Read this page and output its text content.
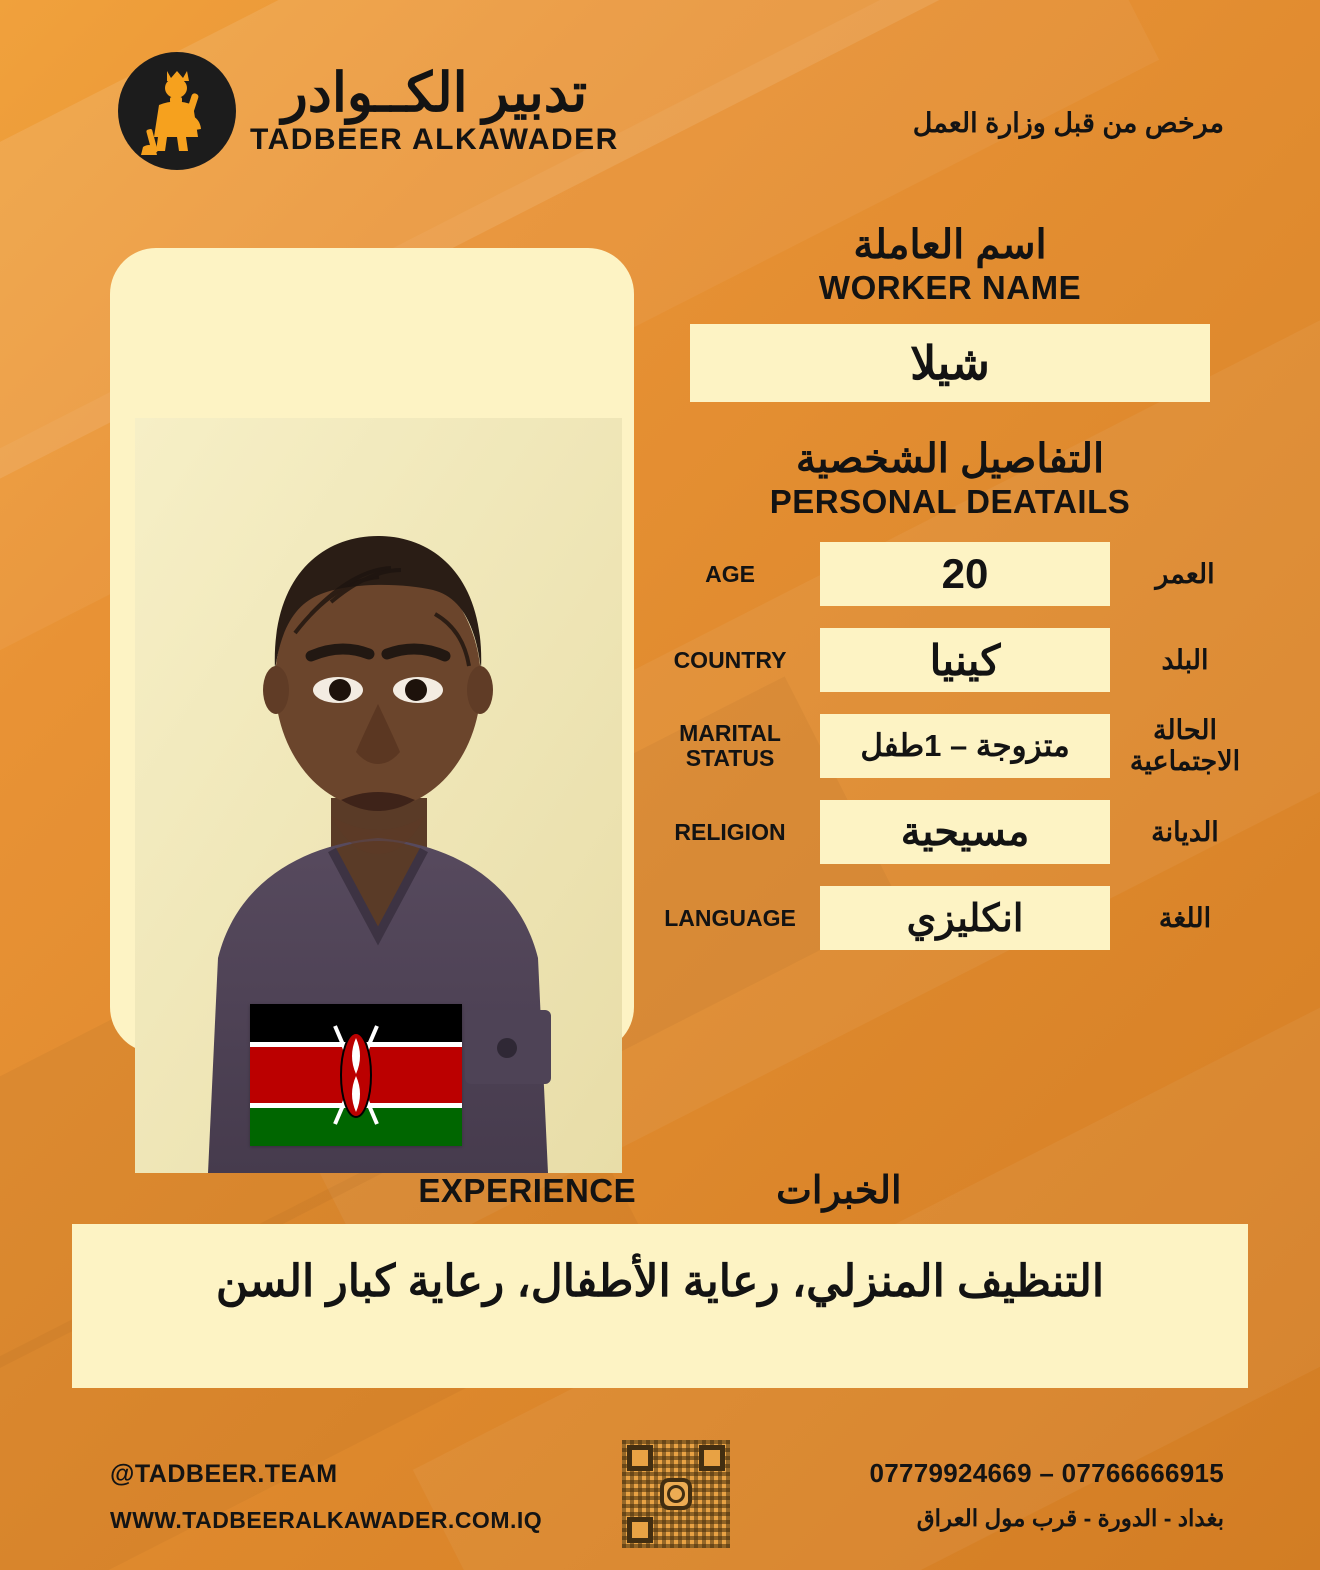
تدبير الكــوادر
TADBEER ALKAWADER
مرخص من قبل وزارة العمل
اسم العاملة
WORKER NAME
شيلا
التفاصيل الشخصية
PERSONAL DEATAILS
AGE	20	العمر
COUNTRY	كينيا	البلد
MARITAL STATUS	متزوجة – 1طفل	الحالة الاجتماعية
RELIGION	مسيحية	الديانة
LANGUAGE	انكليزي	اللغة
EXPERIENCE	الخبرات
التنظيف المنزلي، رعاية الأطفال، رعاية كبار السن
@TADBEER.TEAM
WWW.TADBEERALKAWADER.COM.IQ
07779924669 – 07766666915
بغداد - الدورة - قرب مول العراق
